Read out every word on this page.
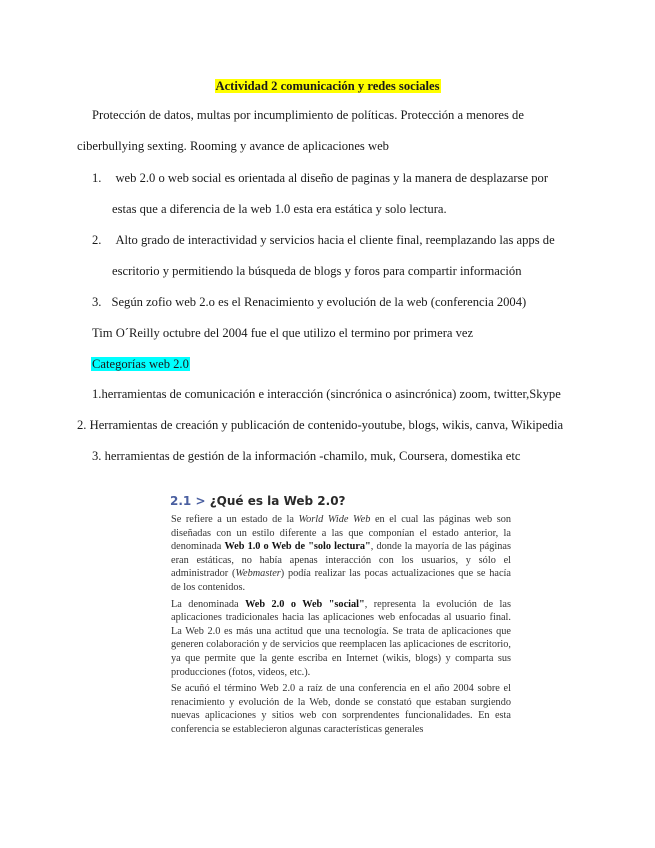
Actividad 2 comunicación y redes sociales
Protección de datos, multas por incumplimiento de políticas. Protección a menores de
ciberbullying sexting. Rooming y avance de aplicaciones web
1. web 2.0 o web social es orientada al diseño de paginas y la manera de desplazarse por
estas que a diferencia de la web 1.0 esta era estática y solo lectura.
2. Alto grado de interactividad y servicios hacia el cliente final, reemplazando las apps de
escritorio y permitiendo la búsqueda de blogs y foros para compartir información
3. Según zofio web 2.o es el Renacimiento y evolución de la web (conferencia 2004)
Tim O´Reilly octubre del 2004 fue el que utilizo el termino por primera vez
Categorías web 2.0
1.herramientas de comunicación e interacción (sincrónica o asincrónica) zoom, twitter,Skype
2. Herramientas de creación y publicación de contenido-youtube, blogs, wikis, canva, Wikipedia
3. herramientas de gestión de la información -chamilo, muk, Coursera, domestika etc
2.1 > ¿Qué es la Web 2.0?
Se refiere a un estado de la World Wide Web en el cual las páginas web son diseñadas con un estilo diferente a las que componían el estado anterior, la denominada Web 1.0 o Web de "solo lectura", donde la mayoría de las páginas eran estáticas, no había apenas interacción con los usuarios, y sólo el administrador (Webmaster) podía realizar las pocas actualizaciones que se hacía de los contenidos.
La denominada Web 2.0 o Web "social", representa la evolución de las aplicaciones tradicionales hacia las aplicaciones web enfocadas al usuario final. La Web 2.0 es más una actitud que una tecnología. Se trata de aplicaciones que generen colaboración y de servicios que reemplacen las aplicaciones de escritorio, ya que permite que la gente escriba en Internet (wikis, blogs) y comparta sus producciones (fotos, videos, etc.).
Se acuñó el término Web 2.0 a raíz de una conferencia en el año 2004 sobre el renacimiento y evolución de la Web, donde se constató que estaban surgiendo nuevas aplicaciones y sitios web con sorprendentes funcionalidades. En esta conferencia se establecieron algunas características generales
